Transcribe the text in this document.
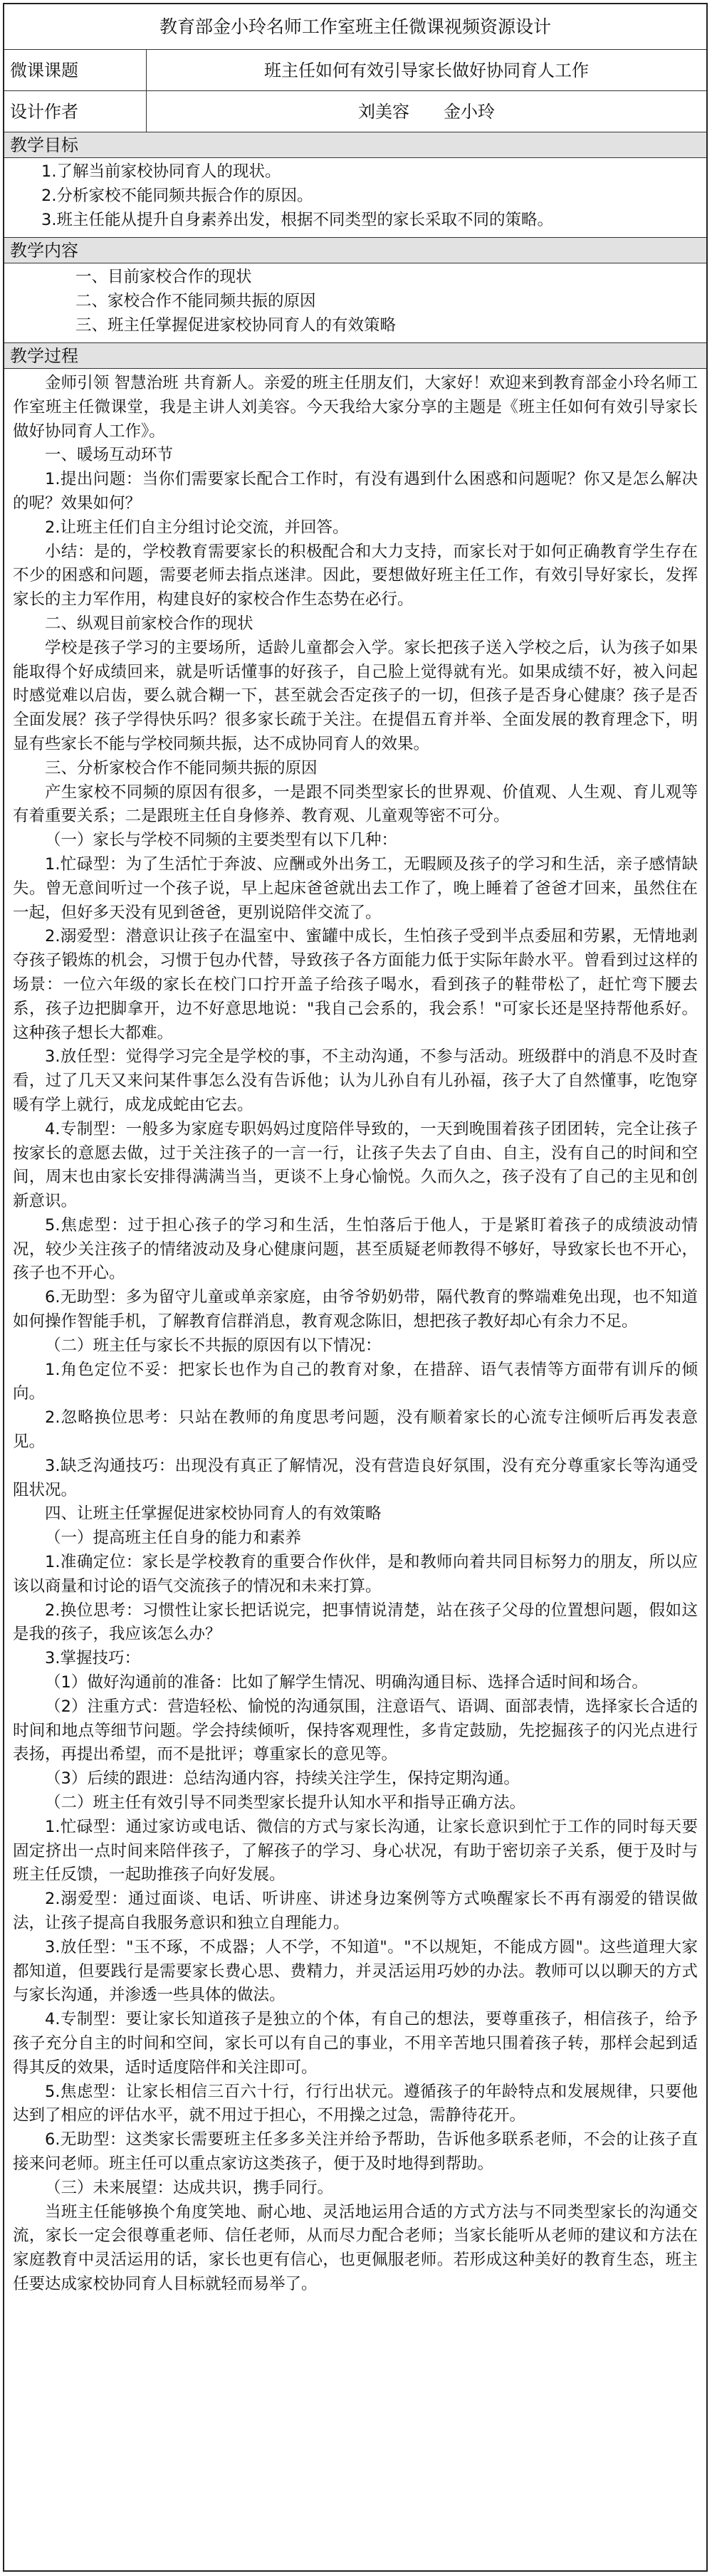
教育部金小玲名师工作室班主任微课视频资源设计
微课课题	班主任如何有效引导家长做好协同育人工作
设计作者	刘美容　　金小玲
教学目标

1.了解当前家校协同育人的现状。

2.分析家校不能同频共振合作的原因。

3.班主任能从提升自身素养出发，根据不同类型的家长采取不同的策略。

教学内容

一、目前家校合作的现状

二、家校合作不能同频共振的原因

三、班主任掌握促进家校协同育人的有效策略

教学过程

金师引领 智慧治班 共育新人。亲爱的班主任朋友们，大家好！欢迎来到教育部金小玲名师工作室班主任微课堂，我是主讲人刘美容。今天我给大家分享的主题是《班主任如何有效引导家长做好协同育人工作》。

一、暖场互动环节

1.提出问题：当你们需要家长配合工作时，有没有遇到什么困惑和问题呢？你又是怎么解决的呢？效果如何？

2.让班主任们自主分组讨论交流，并回答。

小结：是的，学校教育需要家长的积极配合和大力支持，而家长对于如何正确教育学生存在不少的困惑和问题，需要老师去指点迷津。因此，要想做好班主任工作，有效引导好家长，发挥家长的主力军作用，构建良好的家校合作生态势在必行。

二、纵观目前家校合作的现状

学校是孩子学习的主要场所，适龄儿童都会入学。家长把孩子送入学校之后，认为孩子如果能取得个好成绩回来，就是听话懂事的好孩子，自己脸上觉得就有光。如果成绩不好，被入问起时感觉难以启齿，要么就合糊一下，甚至就会否定孩子的一切，但孩子是否身心健康？孩子是否全面发展？孩子学得快乐吗？很多家长疏于关注。在提倡五育并举、全面发展的教育理念下，明显有些家长不能与学校同频共振，达不成协同育人的效果。

三、分析家校合作不能同频共振的原因

产生家校不同频的原因有很多，一是跟不同类型家长的世界观、价值观、人生观、育儿观等有着重要关系；二是跟班主任自身修养、教育观、儿童观等密不可分。

（一）家长与学校不同频的主要类型有以下几种：

1.忙碌型：为了生活忙于奔波、应酬或外出务工，无暇顾及孩子的学习和生活，亲子感情缺失。曾无意间听过一个孩子说，早上起床爸爸就出去工作了，晚上睡着了爸爸才回来，虽然住在一起，但好多天没有见到爸爸，更别说陪伴交流了。

2.溺爱型：潜意识让孩子在温室中、蜜罐中成长，生怕孩子受到半点委屈和劳累，无情地剥夺孩子锻炼的机会，习惯于包办代替，导致孩子各方面能力低于实际年龄水平。曾看到过这样的场景：一位六年级的家长在校门口拧开盖子给孩子喝水，看到孩子的鞋带松了，赶忙弯下腰去系，孩子边把脚拿开，边不好意思地说："我自己会系的，我会系！"可家长还是坚持帮他系好。这种孩子想长大都难。

3.放任型：觉得学习完全是学校的事，不主动沟通，不参与活动。班级群中的消息不及时查看，过了几天又来问某件事怎么没有告诉他；认为儿孙自有儿孙福，孩子大了自然懂事，吃饱穿暖有学上就行，成龙成蛇由它去。

4.专制型：一般多为家庭专职妈妈过度陪伴导致的，一天到晚围着孩子团团转，完全让孩子按家长的意愿去做，过于关注孩子的一言一行，让孩子失去了自由、自主，没有自己的时间和空间，周末也由家长安排得满满当当，更谈不上身心愉悦。久而久之，孩子没有了自己的主见和创新意识。

5.焦虑型：过于担心孩子的学习和生活，生怕落后于他人，于是紧盯着孩子的成绩波动情况，较少关注孩子的情绪波动及身心健康问题，甚至质疑老师教得不够好，导致家长也不开心，孩子也不开心。

6.无助型：多为留守儿童或单亲家庭，由爷爷奶奶带，隔代教育的弊端难免出现，也不知道如何操作智能手机，了解教育信群消息，教育观念陈旧，想把孩子教好却心有余力不足。

（二）班主任与家长不共振的原因有以下情况：

1.角色定位不妥：把家长也作为自己的教育对象，在措辞、语气表情等方面带有训斥的倾向。

2.忽略换位思考：只站在教师的角度思考问题，没有顺着家长的心流专注倾听后再发表意见。

3.缺乏沟通技巧：出现没有真正了解情况，没有营造良好氛围，没有充分尊重家长等沟通受阻状况。

四、让班主任掌握促进家校协同育人的有效策略

（一）提高班主任自身的能力和素养

1.准确定位：家长是学校教育的重要合作伙伴，是和教师向着共同目标努力的朋友，所以应该以商量和讨论的语气交流孩子的情况和未来打算。

2.换位思考：习惯性让家长把话说完，把事情说清楚，站在孩子父母的位置想问题，假如这是我的孩子，我应该怎么办？

3.掌握技巧：

（1）做好沟通前的准备：比如了解学生情况、明确沟通目标、选择合适时间和场合。

（2）注重方式：营造轻松、愉悦的沟通氛围，注意语气、语调、面部表情，选择家长合适的时间和地点等细节问题。学会持续倾听，保持客观理性，多肯定鼓励，先挖掘孩子的闪光点进行表扬，再提出希望，而不是批评；尊重家长的意见等。

（3）后续的跟进：总结沟通内容，持续关注学生，保持定期沟通。

（二）班主任有效引导不同类型家长提升认知水平和指导正确方法。

1.忙碌型：通过家访或电话、微信的方式与家长沟通，让家长意识到忙于工作的同时每天要固定挤出一点时间来陪伴孩子，了解孩子的学习、身心状况，有助于密切亲子关系，便于及时与班主任反馈，一起助推孩子向好发展。

2.溺爱型：通过面谈、电话、听讲座、讲述身边案例等方式唤醒家长不再有溺爱的错误做法，让孩子提高自我服务意识和独立自理能力。

3.放任型："玉不琢，不成器；人不学，不知道"。"不以规矩，不能成方圆"。这些道理大家都知道，但要践行是需要家长费心思、费精力，并灵活运用巧妙的办法。教师可以以聊天的方式与家长沟通，并渗透一些具体的做法。

4.专制型：要让家长知道孩子是独立的个体，有自己的想法，要尊重孩子，相信孩子，给予孩子充分自主的时间和空间，家长可以有自己的事业，不用辛苦地只围着孩子转，那样会起到适得其反的效果，适时适度陪伴和关注即可。

5.焦虑型：让家长相信三百六十行，行行出状元。遵循孩子的年龄特点和发展规律，只要他达到了相应的评估水平，就不用过于担心，不用操之过急，需静待花开。

6.无助型：这类家长需要班主任多多关注并给予帮助，告诉他多联系老师，不会的让孩子直接来问老师。班主任可以重点家访这类孩子，便于及时地得到帮助。

（三）未来展望：达成共识，携手同行。

当班主任能够换个角度笑地、耐心地、灵活地运用合适的方式方法与不同类型家长的沟通交流，家长一定会很尊重老师、信任老师，从而尽力配合老师；当家长能听从老师的建议和方法在家庭教育中灵活运用的话，家长也更有信心，也更佩服老师。若形成这种美好的教育生态，班主任要达成家校协同育人目标就轻而易举了。
